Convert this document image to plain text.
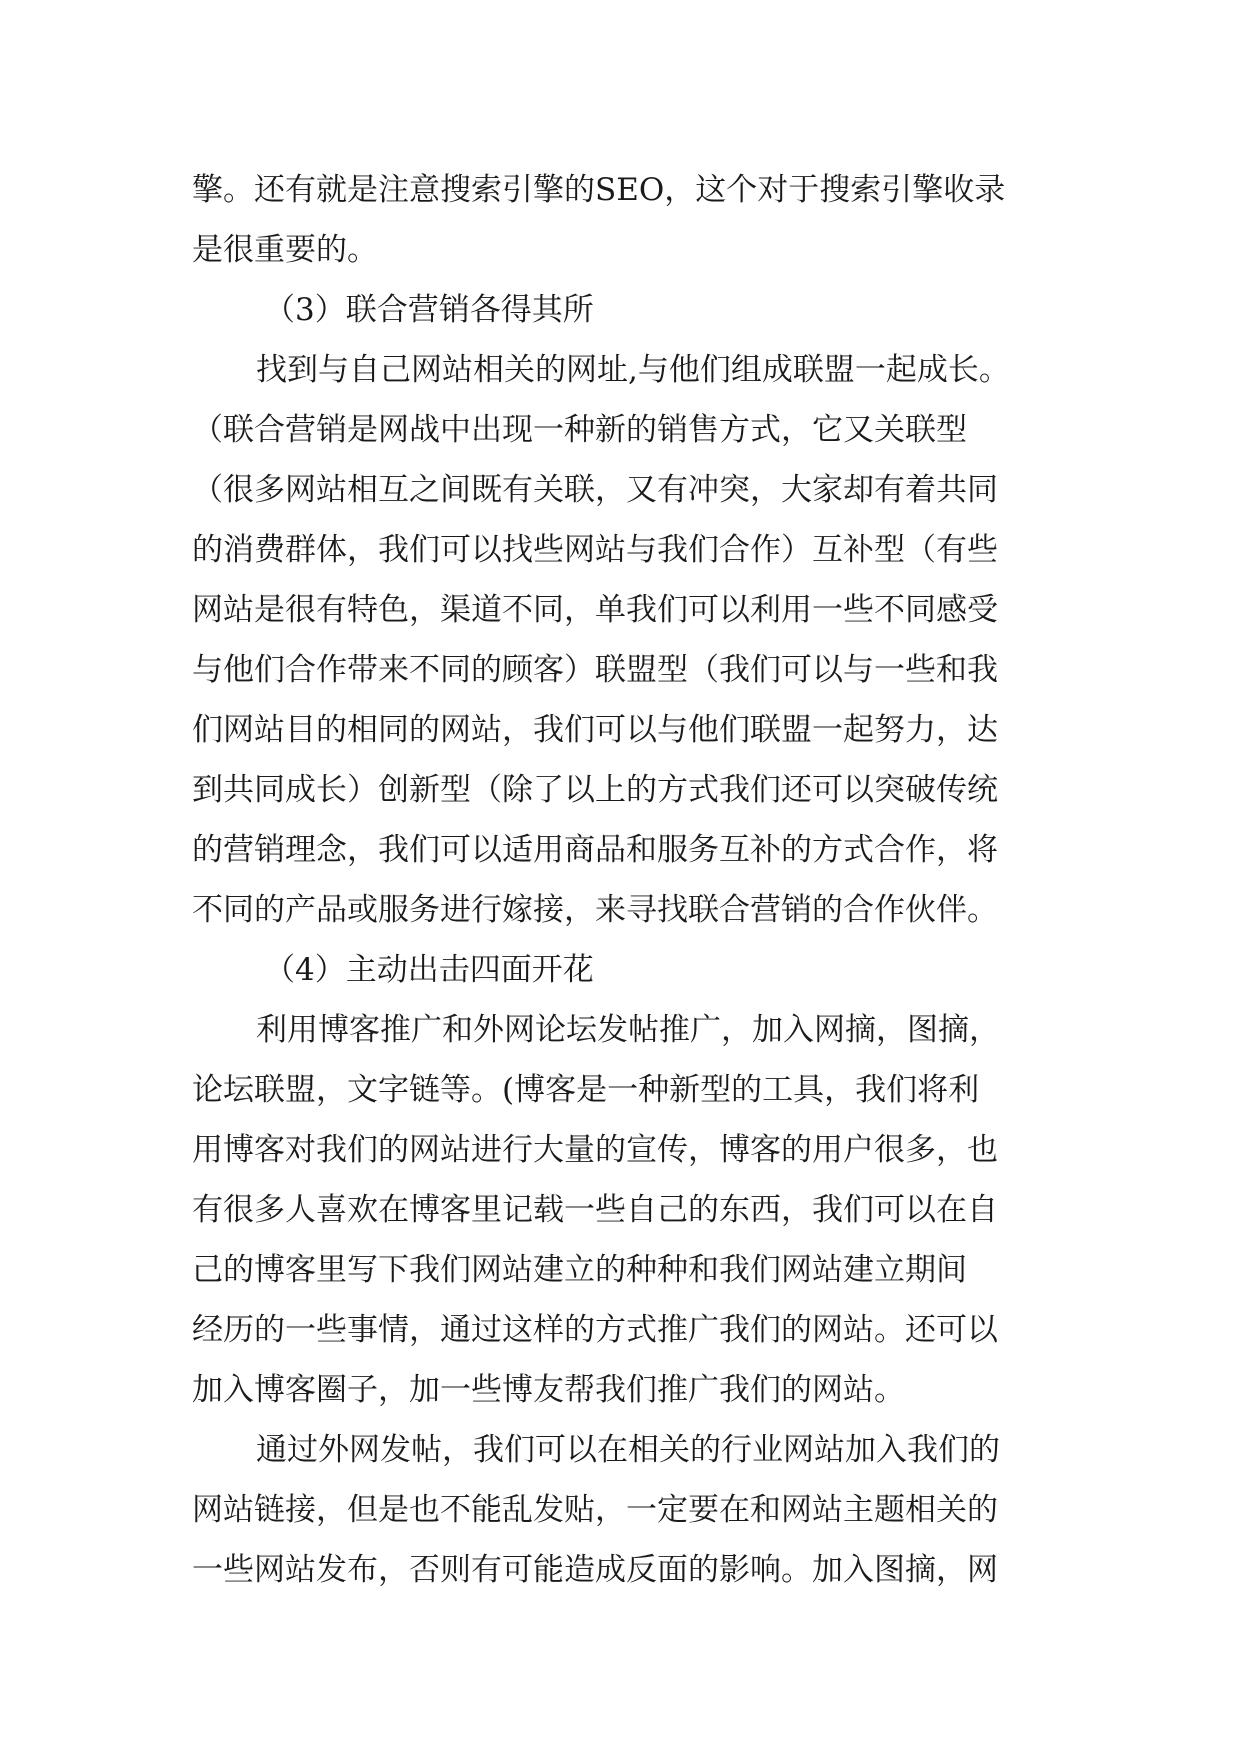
擎。还有就是注意搜索引擎的SEO，这个对于搜索引擎收录
是很重要的。
（3）联合营销各得其所
找到与自己网站相关的网址,与他们组成联盟一起成长。
（联合营销是网战中出现一种新的销售方式，它又关联型
（很多网站相互之间既有关联，又有冲突，大家却有着共同
的消费群体，我们可以找些网站与我们合作）互补型（有些
网站是很有特色，渠道不同，单我们可以利用一些不同感受
与他们合作带来不同的顾客）联盟型（我们可以与一些和我
们网站目的相同的网站，我们可以与他们联盟一起努力，达
到共同成长）创新型（除了以上的方式我们还可以突破传统
的营销理念，我们可以适用商品和服务互补的方式合作，将
不同的产品或服务进行嫁接，来寻找联合营销的合作伙伴。
（4）主动出击四面开花
利用博客推广和外网论坛发帖推广，加入网摘，图摘，
论坛联盟，文字链等。(博客是一种新型的工具，我们将利
用博客对我们的网站进行大量的宣传，博客的用户很多，也
有很多人喜欢在博客里记载一些自己的东西，我们可以在自
己的博客里写下我们网站建立的种种和我们网站建立期间
经历的一些事情，通过这样的方式推广我们的网站。还可以
加入博客圈子，加一些博友帮我们推广我们的网站。
通过外网发帖，我们可以在相关的行业网站加入我们的
网站链接，但是也不能乱发贴，一定要在和网站主题相关的
一些网站发布，否则有可能造成反面的影响。加入图摘，网
